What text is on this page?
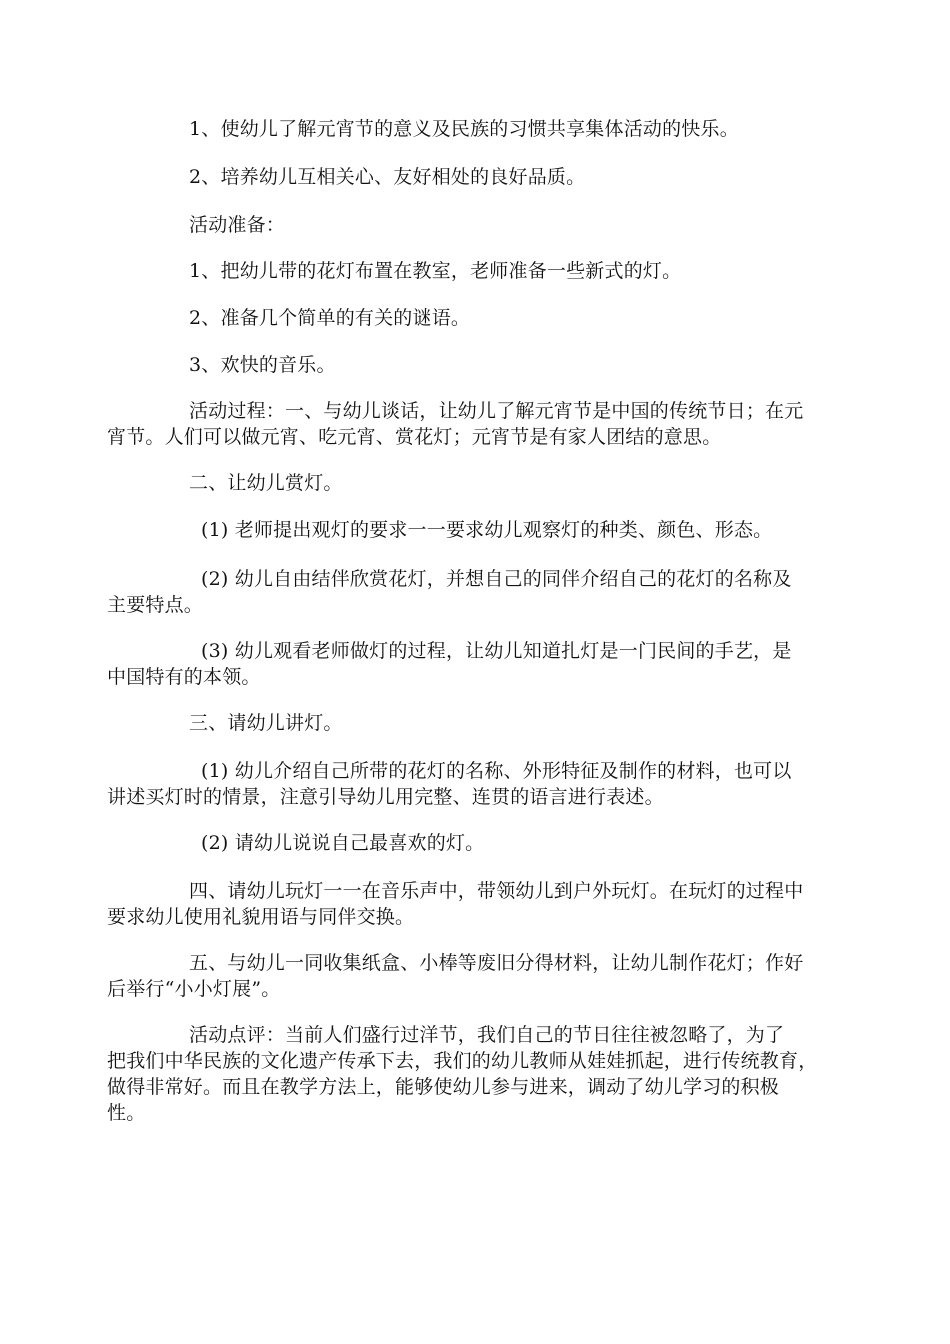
1、使幼儿了解元宵节的意义及民族的习惯共享集体活动的快乐。
2、培养幼儿互相关心、友好相处的良好品质。
活动准备：
1、把幼儿带的花灯布置在教室，老师准备一些新式的灯。
2、准备几个简单的有关的谜语。
3、欢快的音乐。
活动过程：一、与幼儿谈话，让幼儿了解元宵节是中国的传统节日；在元
宵节。人们可以做元宵、吃元宵、赏花灯；元宵节是有家人团结的意思。
二、让幼儿赏灯。
(1) 老师提出观灯的要求一一要求幼儿观察灯的种类、颜色、形态。
(2) 幼儿自由结伴欣赏花灯，并想自己的同伴介绍自己的花灯的名称及
主要特点。
(3) 幼儿观看老师做灯的过程，让幼儿知道扎灯是一门民间的手艺，是
中国特有的本领。
三、请幼儿讲灯。
(1) 幼儿介绍自己所带的花灯的名称、外形特征及制作的材料，也可以
讲述买灯时的情景，注意引导幼儿用完整、连贯的语言进行表述。
(2) 请幼儿说说自己最喜欢的灯。
四、请幼儿玩灯一一在音乐声中，带领幼儿到户外玩灯。在玩灯的过程中
要求幼儿使用礼貌用语与同伴交换。
五、与幼儿一同收集纸盒、小棒等废旧分得材料，让幼儿制作花灯；作好
后举行“小小灯展”。
活动点评：当前人们盛行过洋节，我们自己的节日往往被忽略了，为了
把我们中华民族的文化遗产传承下去，我们的幼儿教师从娃娃抓起，进行传统教育，
做得非常好。而且在教学方法上，能够使幼儿参与进来，调动了幼儿学习的积极
性。
